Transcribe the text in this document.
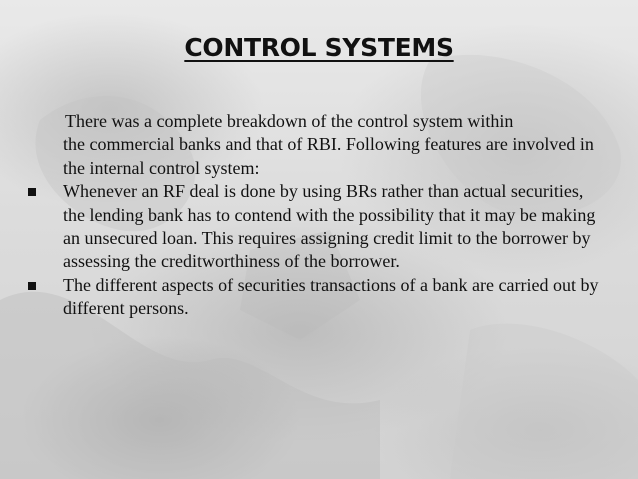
CONTROL SYSTEMS

There was a complete breakdown of the control system within
the commercial banks and that of RBI. Following features are involved in the internal control system:

Whenever an RF deal is done by using BRs rather than actual securities, the lending bank has to contend with the possibility that it may be making an unsecured loan. This requires assigning credit limit to the borrower by assessing the creditworthiness of the borrower.
The different aspects of securities transactions of a bank are carried out by different persons.
